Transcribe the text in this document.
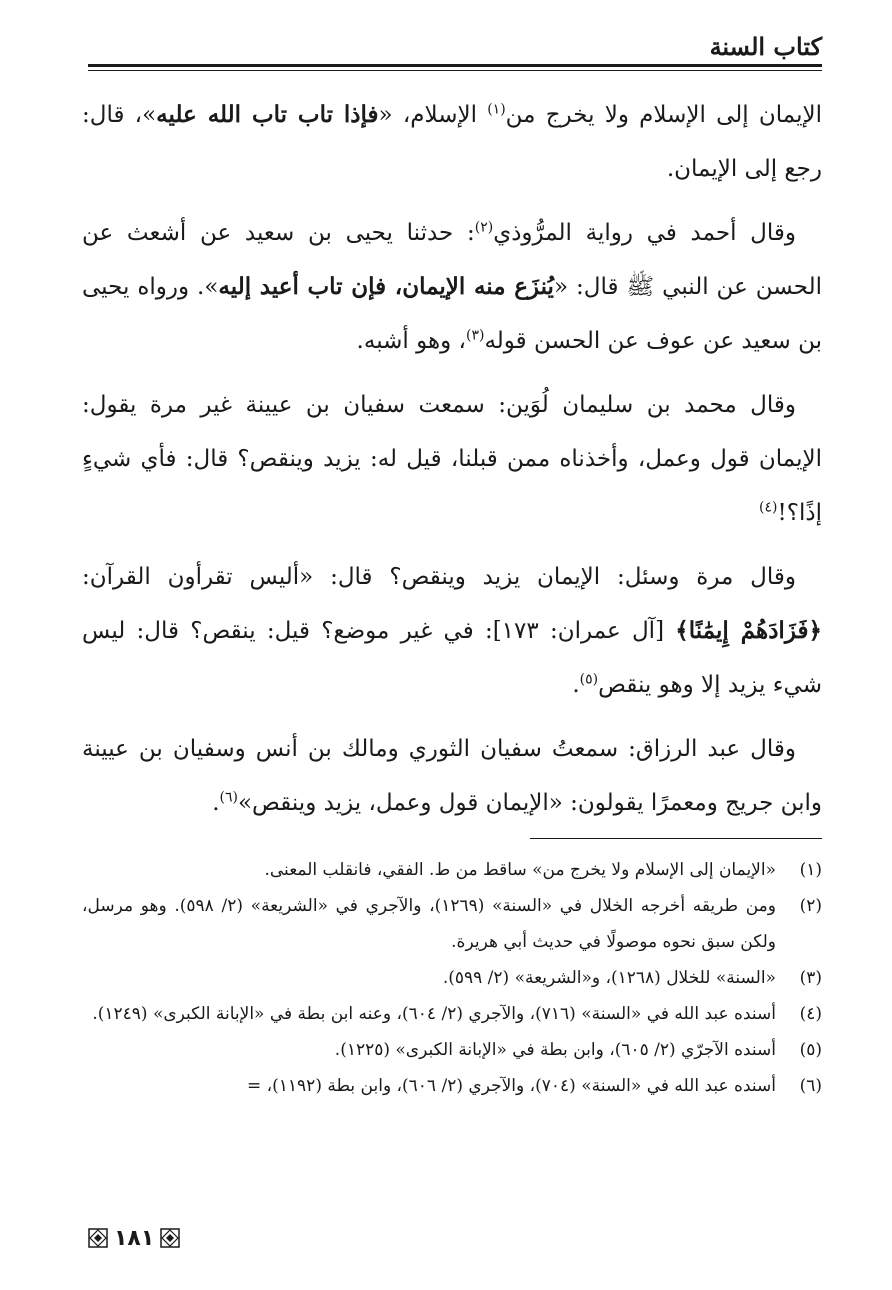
كتاب السنة

الإيمان إلى الإسلام ولا يخرج من$^{(١)}$ الإسلام، «فإذا تاب تاب الله عليه»، قال: رجع إلى الإيمان.

وقال أحمد في رواية المرُّوذي$^{(٢)}$: حدثنا يحيى بن سعيد عن أشعث عن الحسن عن النبي ﷺ قال: «يُنزَع منه الإيمان، فإن تاب أعيد إليه». ورواه يحيى بن سعيد عن عوف عن الحسن قوله$^{(٣)}$، وهو أشبه.

وقال محمد بن سليمان لُوَين: سمعت سفيان بن عيينة غير مرة يقول: الإيمان قول وعمل، وأخذناه ممن قبلنا، قيل له: يزيد وينقص؟ قال: فأي شيءٍ إذًا؟!$^{(٤)}$

وقال مرة وسئل: الإيمان يزيد وينقص؟ قال: «أليس تقرأون القرآن: ﴿فَزَادَهُمْ إِيمَٰنًا﴾ [آل عمران: ١٧٣]: في غير موضع؟ قيل: ينقص؟ قال: ليس شيء يزيد إلا وهو ينقص$^{(٥)}$.

وقال عبد الرزاق: سمعتُ سفيان الثوري ومالك بن أنس وسفيان بن عيينة وابن جريج ومعمرًا يقولون: «الإيمان قول وعمل، يزيد وينقص»$^{(٦)}$.

(١)
«الإيمان إلى الإسلام ولا يخرج من» ساقط من ط. الفقي، فانقلب المعنى.
(٢)
ومن طريقه أخرجه الخلال في «السنة» (١٢٦٩)، والآجري في «الشريعة» (٢/ ٥٩٨). وهو مرسل، ولكن سبق نحوه موصولًا في حديث أبي هريرة.
(٣)
«السنة» للخلال (١٢٦٨)، و«الشريعة» (٢/ ٥٩٩).
(٤)
أسنده عبد الله في «السنة» (٧١٦)، والآجري (٢/ ٦٠٤)، وعنه ابن بطة في «الإبانة الكبرى» (١٢٤٩).
(٥)
أسنده الآجرّي (٢/ ٦٠٥)، وابن بطة في «الإبانة الكبرى» (١٢٢٥).
(٦)
أسنده عبد الله في «السنة» (٧٠٤)، والآجري (٢/ ٦٠٦)، وابن بطة (١١٩٢)، =
١٨١
